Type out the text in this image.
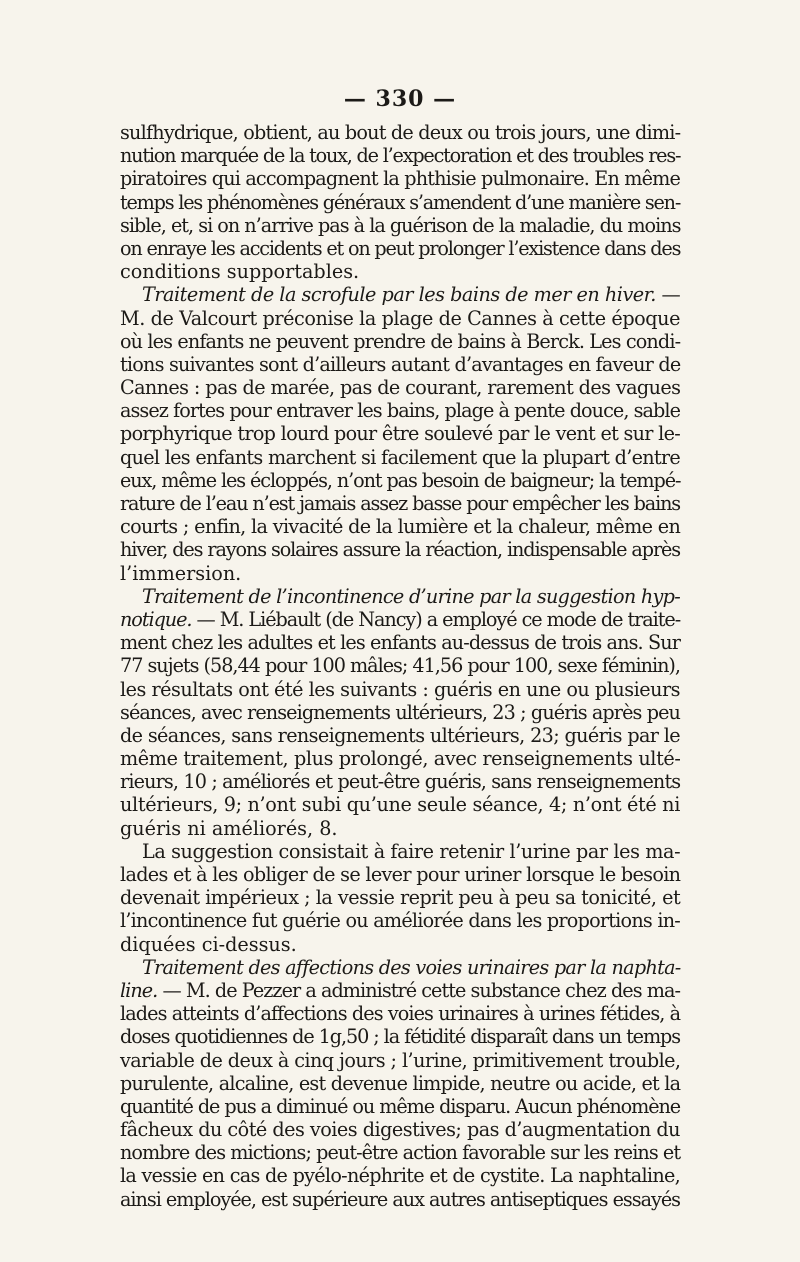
— 330 —
sulfhydrique, obtient, au bout de deux ou trois jours, une dimi-
nution marquée de la toux, de l’expectoration et des troubles res-
piratoires qui accompagnent la phthisie pulmonaire. En même
temps les phénomènes généraux s’amendent d’une manière sen-
sible, et, si on n’arrive pas à la guérison de la maladie, du moins
on enraye les accidents et on peut prolonger l’existence dans des
conditions supportables.
Traitement de la scrofule par les bains de mer en hiver. —
M. de Valcourt préconise la plage de Cannes à cette époque
où les enfants ne peuvent prendre de bains à Berck. Les condi-
tions suivantes sont d’ailleurs autant d’avantages en faveur de
Cannes : pas de marée, pas de courant, rarement des vagues
assez fortes pour entraver les bains, plage à pente douce, sable
porphyrique trop lourd pour être soulevé par le vent et sur le-
quel les enfants marchent si facilement que la plupart d’entre
eux, même les écloppés, n’ont pas besoin de baigneur; la tempé-
rature de l’eau n’est jamais assez basse pour empêcher les bains
courts ; enfin, la vivacité de la lumière et la chaleur, même en
hiver, des rayons solaires assure la réaction, indispensable après
l’immersion.
Traitement de l’incontinence d’urine par la suggestion hyp-
notique. — M. Liébault (de Nancy) a employé ce mode de traite-
ment chez les adultes et les enfants au-dessus de trois ans. Sur
77 sujets (58,44 pour 100 mâles; 41,56 pour 100, sexe féminin),
les résultats ont été les suivants : guéris en une ou plusieurs
séances, avec renseignements ultérieurs, 23 ; guéris après peu
de séances, sans renseignements ultérieurs, 23; guéris par le
même traitement, plus prolongé, avec renseignements ulté-
rieurs, 10 ; améliorés et peut-être guéris, sans renseignements
ultérieurs, 9; n’ont subi qu’une seule séance, 4; n’ont été ni
guéris ni améliorés, 8.
La suggestion consistait à faire retenir l’urine par les ma-
lades et à les obliger de se lever pour uriner lorsque le besoin
devenait impérieux ; la vessie reprit peu à peu sa tonicité, et
l’incontinence fut guérie ou améliorée dans les proportions in-
diquées ci-dessus.
Traitement des affections des voies urinaires par la naphta-
line. — M. de Pezzer a administré cette substance chez des ma-
lades atteints d’affections des voies urinaires à urines fétides, à
doses quotidiennes de 1g,50 ; la fétidité disparaît dans un temps
variable de deux à cinq jours ; l’urine, primitivement trouble,
purulente, alcaline, est devenue limpide, neutre ou acide, et la
quantité de pus a diminué ou même disparu. Aucun phénomène
fâcheux du côté des voies digestives; pas d’augmentation du
nombre des mictions; peut-être action favorable sur les reins et
la vessie en cas de pyélo-néphrite et de cystite. La naphtaline,
ainsi employée, est supérieure aux autres antiseptiques essayés
